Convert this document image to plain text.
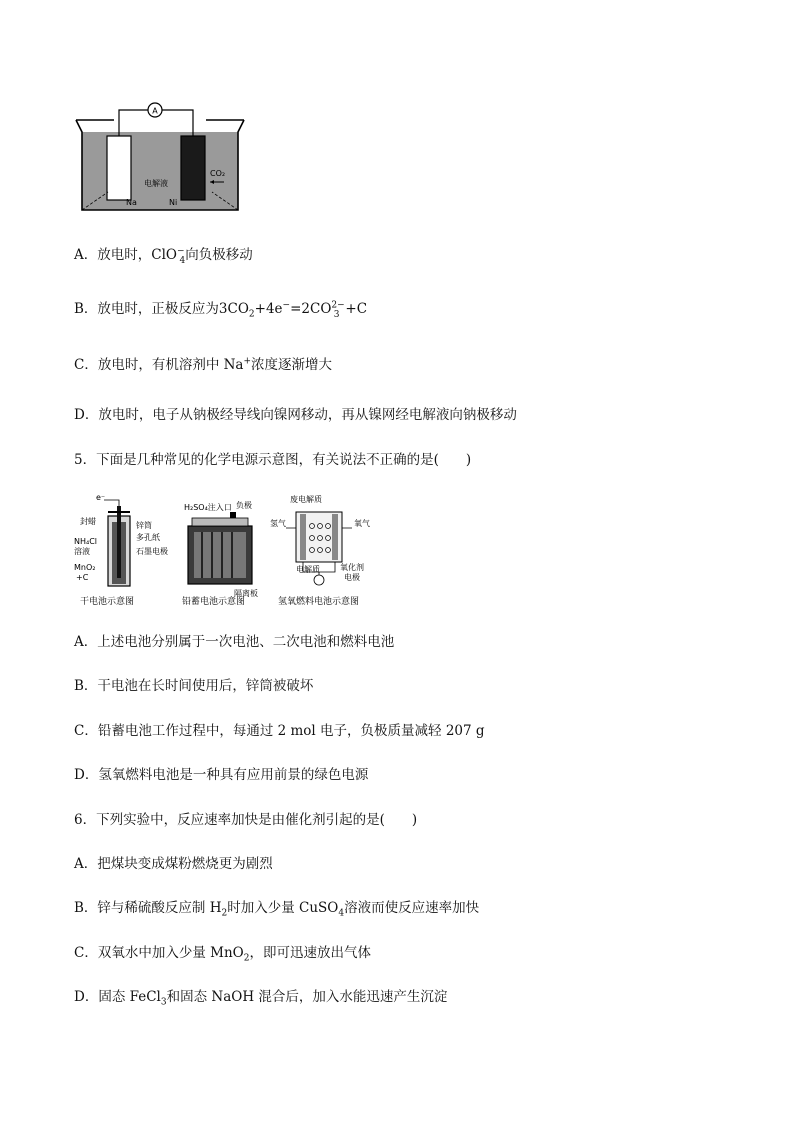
A
电解液
Na	Ni
CO₂
A．放电时，ClO−$_4$向负极移动
B．放电时，正极反应为$3CO_2+4e^-=2CO^{2-}_3 +C$
C．放电时，有机溶剂中 Na+浓度逐渐增大
D．放电时，电子从钠极经导线向镍网移动，再从镍网经电解液向钠极移动
5．下面是几种常见的化学电源示意图，有关说法不正确的是(　　)
e⁻
封蜡
NH₄Cl
溶液
MnO₂
+C
锌筒
多孔纸
石墨电极
干电池示意图
H₂SO₄注入口 负极
隔离板
铅蓄电池示意图
废电解质
氢气	氧气
电解质	氧化剂
电极
氢氧燃料电池示意图
A．上述电池分别属于一次电池、二次电池和燃料电池
B．干电池在长时间使用后，锌筒被破坏
C．铅蓄电池工作过程中，每通过 2 mol 电子，负极质量减轻 207 g
D．氢氧燃料电池是一种具有应用前景的绿色电源
6．下列实验中，反应速率加快是由催化剂引起的是(　　)
A．把煤块变成煤粉燃烧更为剧烈
B．锌与稀硫酸反应制 $H_2$时加入少量 CuSO$_4$溶液而使反应速率加快
C．双氧水中加入少量 MnO$_2$，即可迅速放出气体
D．固态 FeCl$_3$和固态 NaOH 混合后，加入水能迅速产生沉淀
